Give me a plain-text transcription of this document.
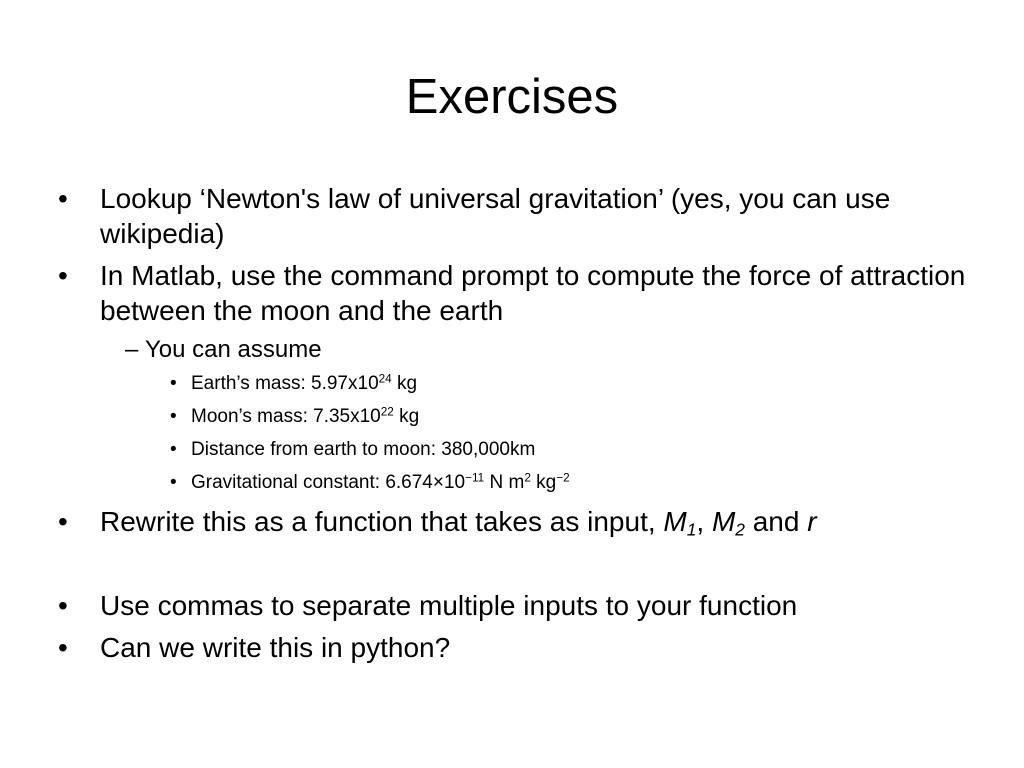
Exercises
•	Lookup ‘Newton's law of universal gravitation’ (yes, you can use wikipedia)
•	In Matlab, use the command prompt to compute the force of attraction between the moon and the earth
– You can assume
• Earth’s mass: $5.97x10^{24}$ kg
• Moon’s mass: $7.35x10^{22}$ kg
• Distance from earth to moon: 380,000km
• Gravitational constant: $6.674\times 10^{-11}$ N $m^2$ $kg^{-2}$
•	Rewrite this as a function that takes as input, $M_1$, $M_2$ and r
•	Use commas to separate multiple inputs to your function
•	Can we write this in python?
